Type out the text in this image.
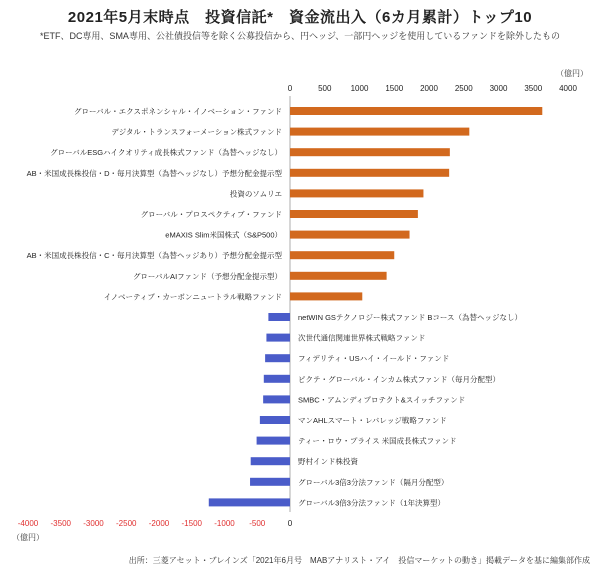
2021年5月末時点　投資信託*　資金流出入（6カ月累計）トップ10
*ETF、DC専用、SMA専用、公社債投信等を除く公募投信から、円ヘッジ、一部円ヘッジを使用しているファンドを除外したもの
（億円）
（億円）
出所：三菱アセット・ブレインズ「2021年6月号　MABアナリスト・アイ　投信マーケットの動き」掲載データを基に編集部作成
0	500 1000 1500 2000 2500 3000 3500 4000
-4000 -3500 -3000 -2500 -2000 -1500 -1000 -500	0
グローバル・エクスポネンシャル・イノベーション・ファンド
デジタル・トランスフォーメーション株式ファンド
グローバルESGハイクオリティ成長株式ファンド（為替ヘッジなし）
AB・米国成長株投信・D・毎月決算型（為替ヘッジなし）予想分配金提示型
投資のソムリエ
グローバル・プロスペクティブ・ファンド
eMAXIS Slim米国株式（S&P500）
AB・米国成長株投信・C・毎月決算型（為替ヘッジあり）予想分配金提示型
グローバルAIファンド（予想分配金提示型）
イノベーティブ・カーボンニュートラル戦略ファンド
netWIN GSテクノロジー株式ファンド Bコース（為替ヘッジなし）
次世代通信関連世界株式戦略ファンド
フィデリティ・USハイ・イールド・ファンド
ピクテ・グローバル・インカム株式ファンド（毎月分配型）
SMBC・アムンディプロテクト&スイッチファンド
マンAHLスマート・レバレッジ戦略ファンド
ティー・ロウ・プライス 米国成長株式ファンド
野村インド株投資
グローバル3倍3分法ファンド（隔月分配型）
グローバル3倍3分法ファンド（1年決算型）
